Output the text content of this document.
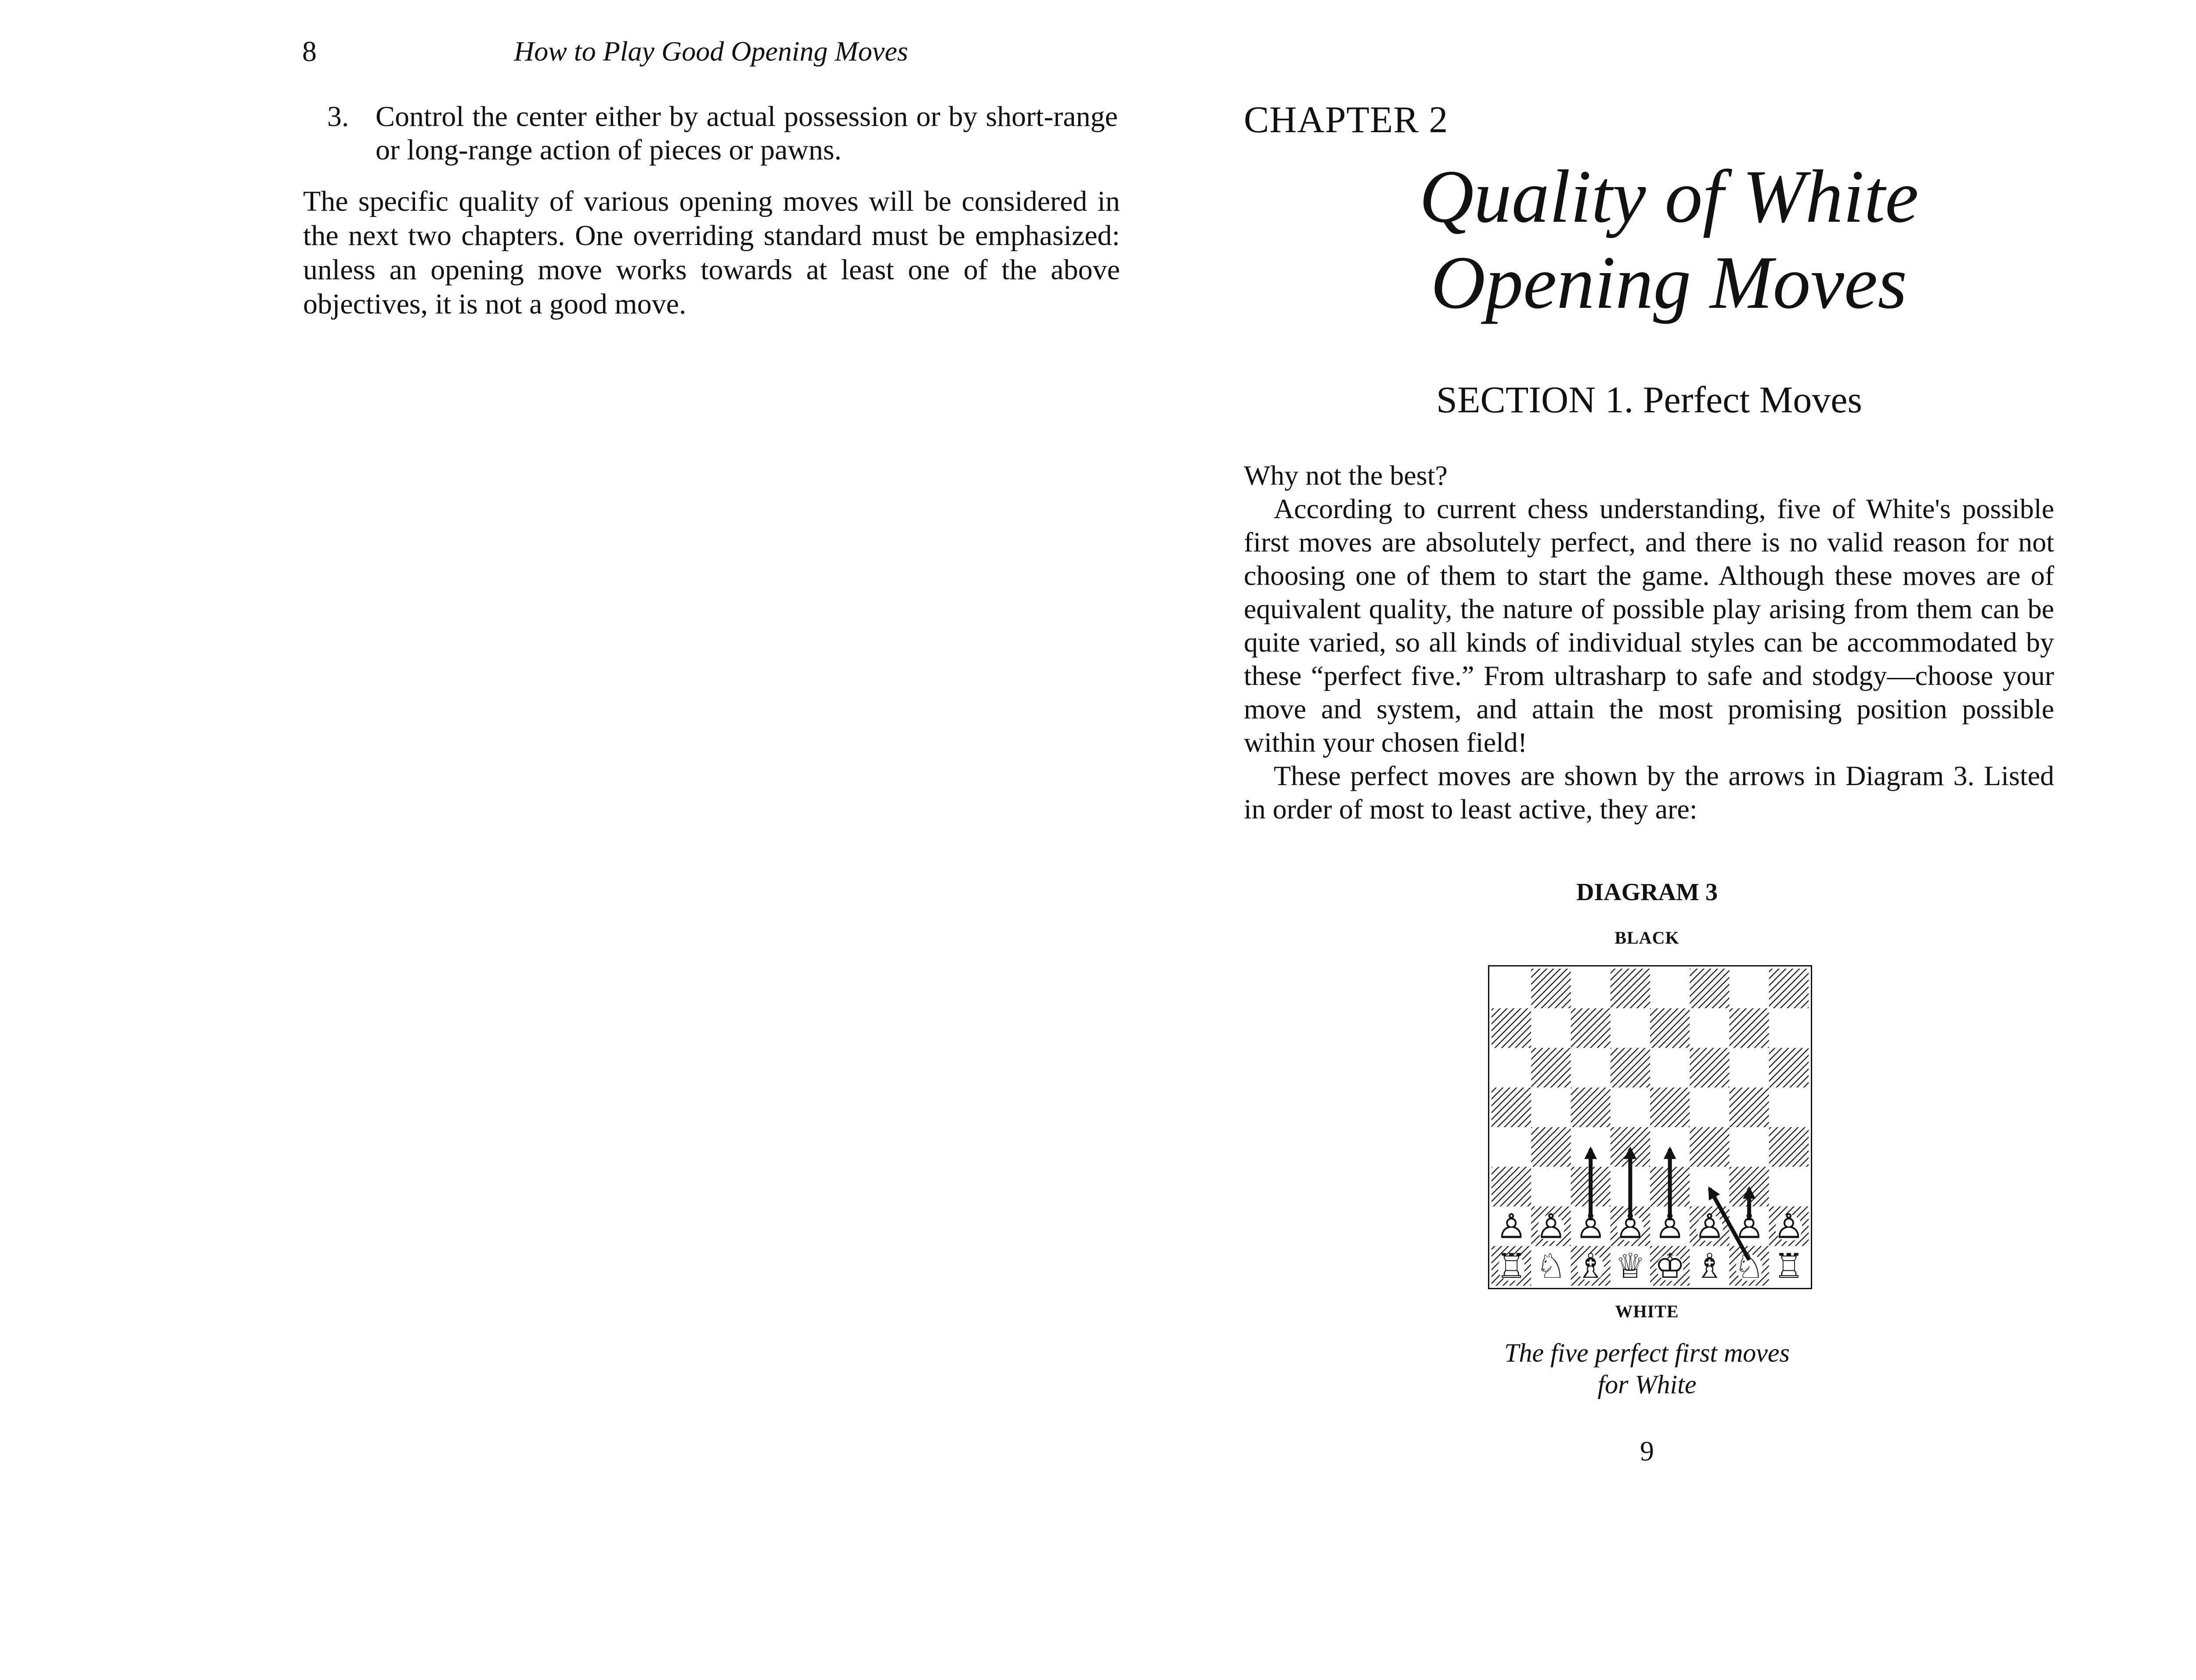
8	How to Play Good Opening Moves
3. Control the center either by actual possession or by short-range or long-range action of pieces or pawns.
The specific quality of various opening moves will be considered in the next two chapters. One overriding standard must be emphasized: unless an opening move works towards at least one of the above objectives, it is not a good move.
CHAPTER 2
Quality of White
Opening Moves
SECTION 1. Perfect Moves

Why not the best?

According to current chess understanding, five of White's possible first moves are absolutely perfect, and there is no valid reason for not choosing one of them to start the game. Although these moves are of equivalent quality, the nature of possible play arising from them can be quite varied, so all kinds of individual styles can be accommodated by these “perfect five.” From ultrasharp to safe and stodgy—choose your move and system, and attain the most promising position possible within your chosen field!

These perfect moves are shown by the arrows in Diagram 3. Listed in order of most to least active, they are:

DIAGRAM 3
BLACK
♙ ♙ ♙ ♙ ♙ ♙ ♙ ♙
♖ ♘ ♗ ♕ ♔ ♗ ♘ ♖
WHITE
The five perfect first moves
for White
9
